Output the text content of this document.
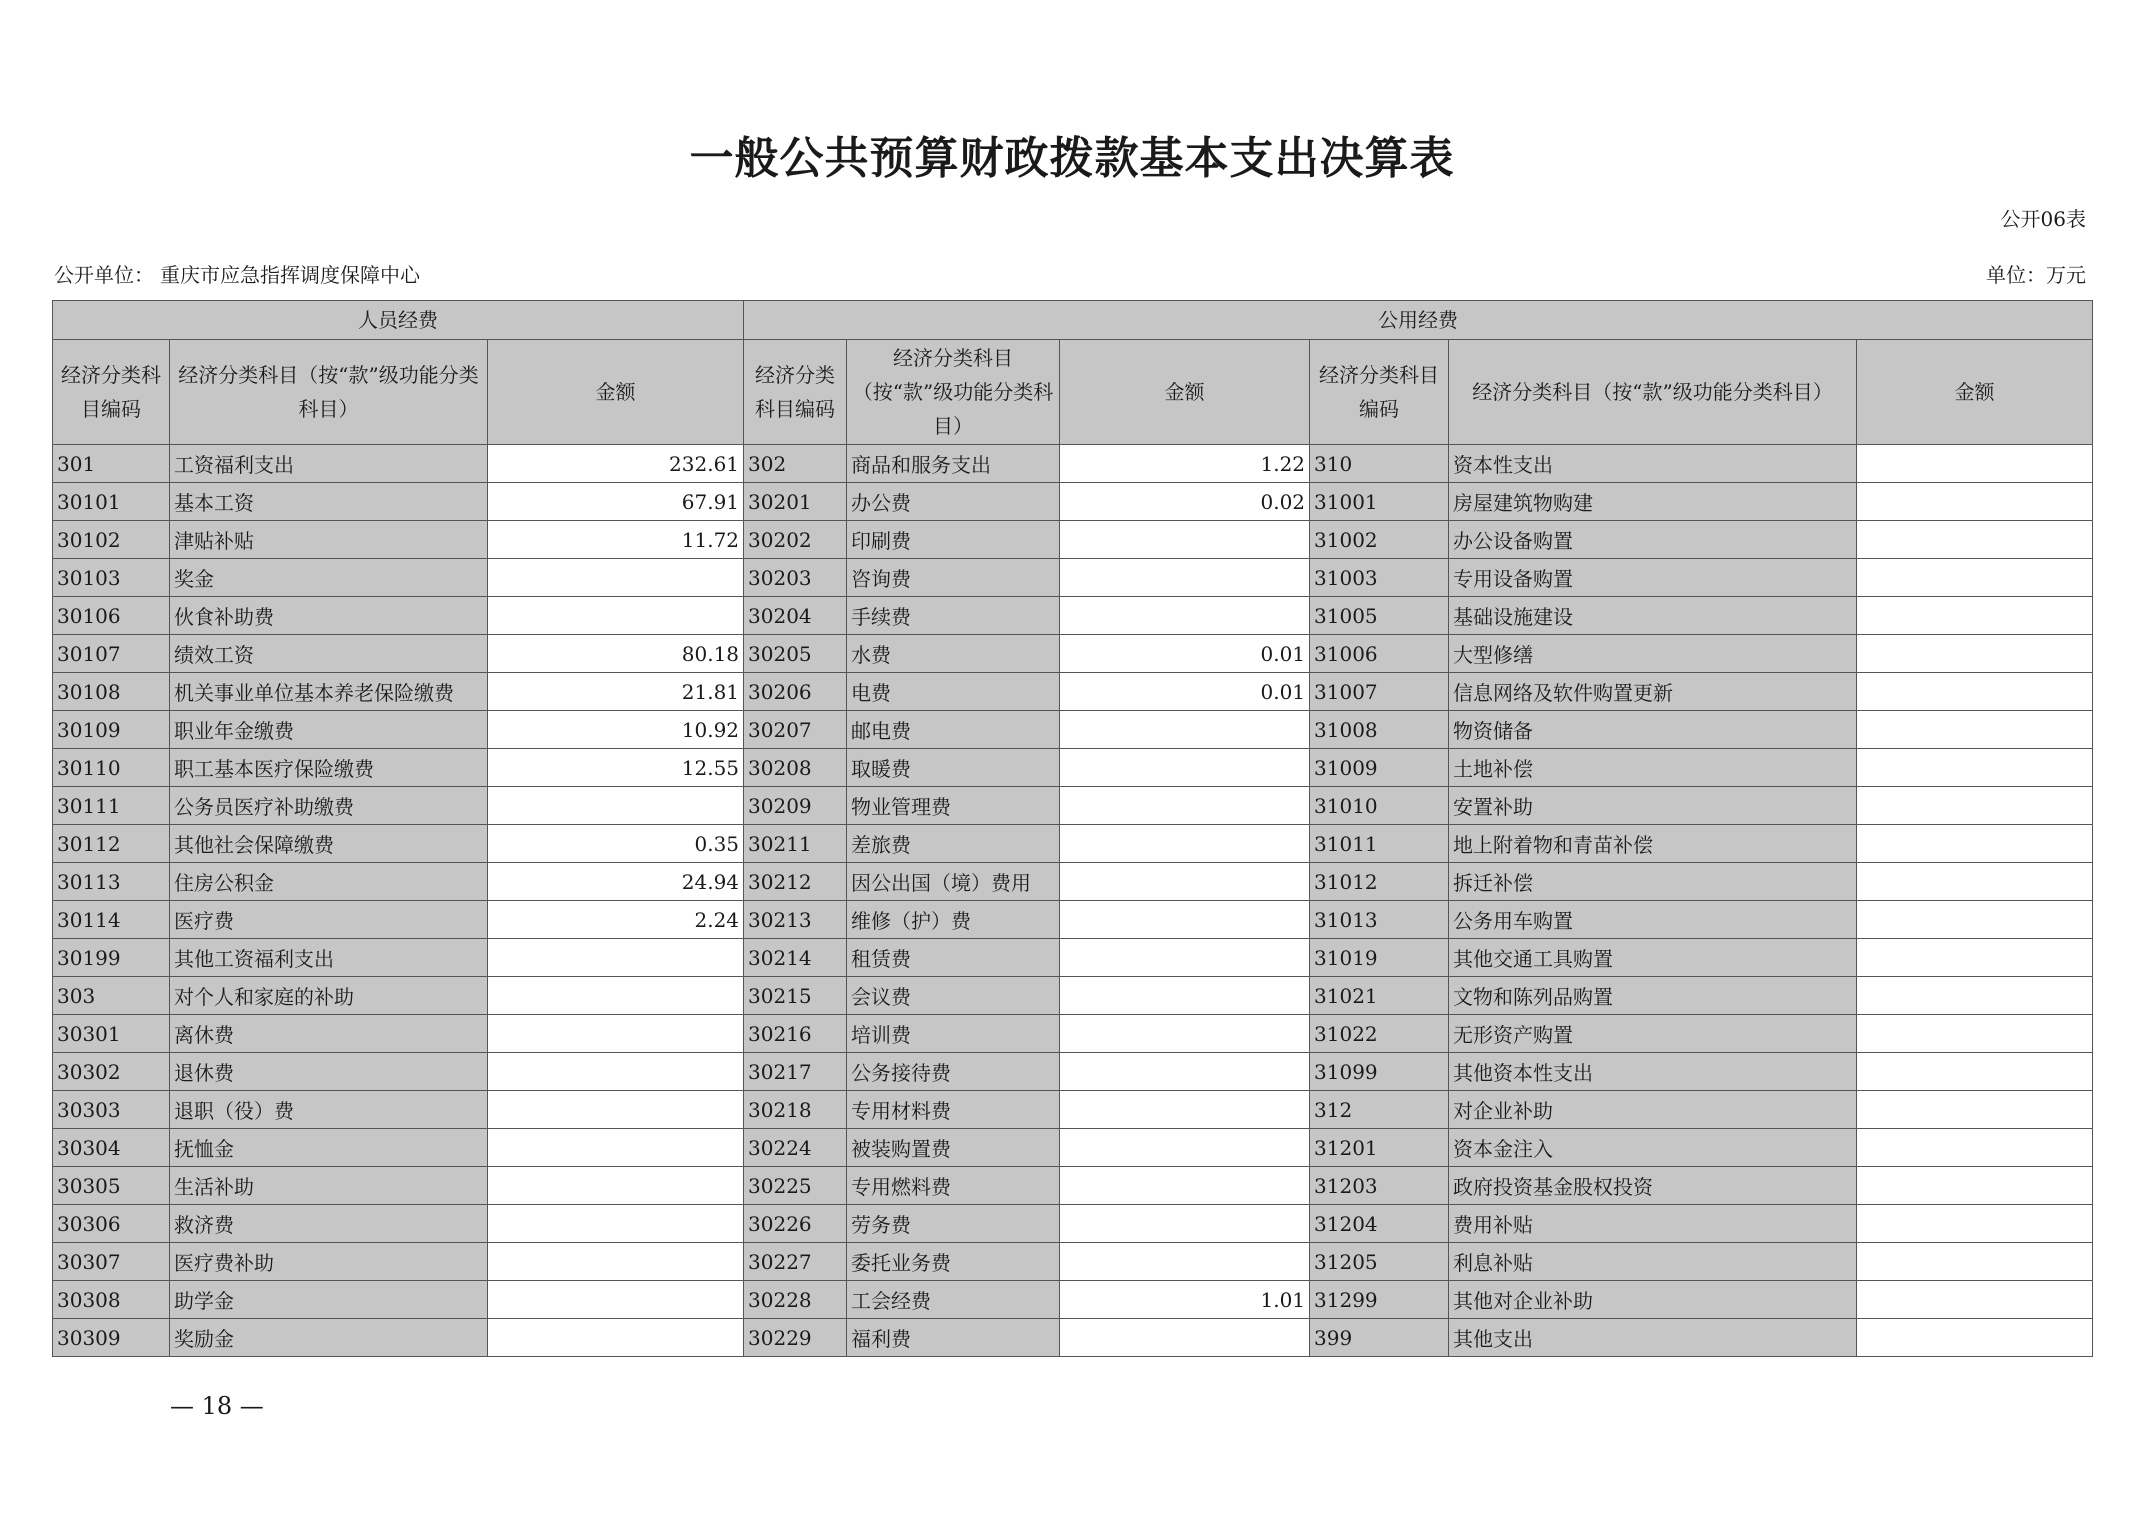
一般公共预算财政拨款基本支出决算表
公开06表
公开单位： 重庆市应急指挥调度保障中心	单位：万元
人员经费			公用经费					
经济分类科目编码	经济分类科目（按“款”级功能分类科目）	金额	经济分类科目编码	经济分类科目（按“款”级功能分类科目）	金额	经济分类科目编码	经济分类科目（按“款”级功能分类科目）	金额
301	工资福利支出	232.61	302	商品和服务支出	1.22	310	资本性支出	
30101	基本工资	67.91	30201	办公费	0.02	31001	房屋建筑物购建	
30102	津贴补贴	11.72	30202	印刷费		31002	办公设备购置	
30103	奖金		30203	咨询费		31003	专用设备购置	
30106	伙食补助费		30204	手续费		31005	基础设施建设	
30107	绩效工资	80.18	30205	水费	0.01	31006	大型修缮	
30108	机关事业单位基本养老保险缴费	21.81	30206	电费	0.01	31007	信息网络及软件购置更新	
30109	职业年金缴费	10.92	30207	邮电费		31008	物资储备	
30110	职工基本医疗保险缴费	12.55	30208	取暖费		31009	土地补偿	
30111	公务员医疗补助缴费		30209	物业管理费		31010	安置补助	
30112	其他社会保障缴费	0.35	30211	差旅费		31011	地上附着物和青苗补偿	
30113	住房公积金	24.94	30212	因公出国（境）费用		31012	拆迁补偿	
30114	医疗费	2.24	30213	维修（护）费		31013	公务用车购置	
30199	其他工资福利支出		30214	租赁费		31019	其他交通工具购置	
303	对个人和家庭的补助		30215	会议费		31021	文物和陈列品购置	
30301	离休费		30216	培训费		31022	无形资产购置	
30302	退休费		30217	公务接待费		31099	其他资本性支出	
30303	退职（役）费		30218	专用材料费		312	对企业补助	
30304	抚恤金		30224	被装购置费		31201	资本金注入	
30305	生活补助		30225	专用燃料费		31203	政府投资基金股权投资	
30306	救济费		30226	劳务费		31204	费用补贴	
30307	医疗费补助		30227	委托业务费		31205	利息补贴	
30308	助学金		30228	工会经费	1.01	31299	其他对企业补助	
30309	奖励金		30229	福利费		399	其他支出	
— 18 —
